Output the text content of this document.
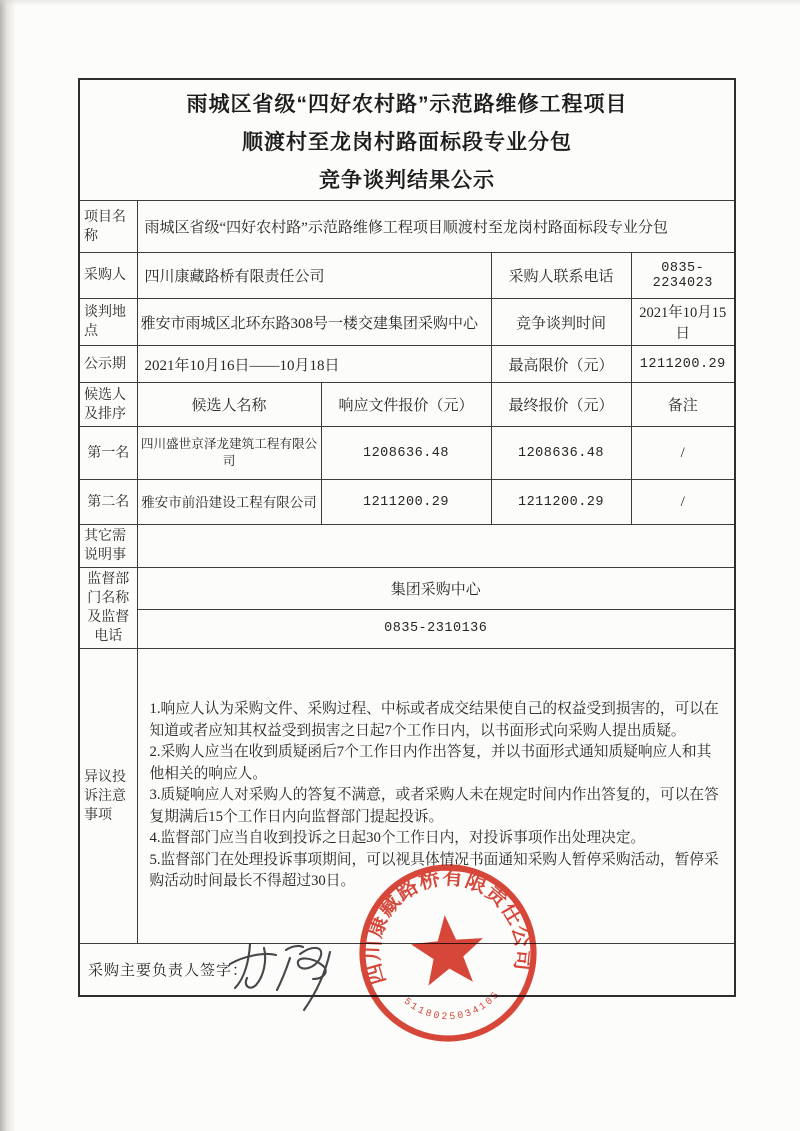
雨城区省级“四好农村路”示范路维修工程项目
顺渡村至龙岗村路面标段专业分包
竞争谈判结果公示				

项目名称	雨城区省级“四好农村路”示范路维修工程项目顺渡村至龙岗村路面标段专业分包			
采购人	四川康藏路桥有限责任公司		采购人联系电话	0835-2234023
谈判地点	雅安市雨城区北环东路308号一楼交建集团采购中心		竞争谈判时间	2021年10月15日
公示期	2021年10月16日——10月18日		最高限价（元）	1211200.29
候选人及排序	候选人名称	响应文件报价（元）	最终报价（元）	备注
第一名	四川盛世京泽龙建筑工程有限公司	1208636.48	1208636.48	/
第二名	雅安市前沿建设工程有限公司	1211200.29	1211200.29	/
其它需说明事				
监督部门名称及监督电话	集团采购中心			
	0835-2310136			
异议投诉注意事项	1.响应人认为采购文件、采购过程、中标或者成交结果使自己的权益受到损害的，可以在知道或者应知其权益受到损害之日起7个工作日内，以书面形式向采购人提出质疑。

2.采购人应当在收到质疑函后7个工作日内作出答复，并以书面形式通知质疑响应人和其他相关的响应人。

3.质疑响应人对采购人的答复不满意，或者采购人未在规定时间内作出答复的，可以在答复期满后15个工作日内向监督部门提起投诉。

4.监督部门应当自收到投诉之日起30个工作日内，对投诉事项作出处理决定。

5.监督部门在处理投诉事项期间，可以视具体情况书面通知采购人暂停采购活动，暂停采购活动时间最长不得超过30日。			

采购主要负责人签字：					四川康藏路桥有限责任公司
5118025034105
